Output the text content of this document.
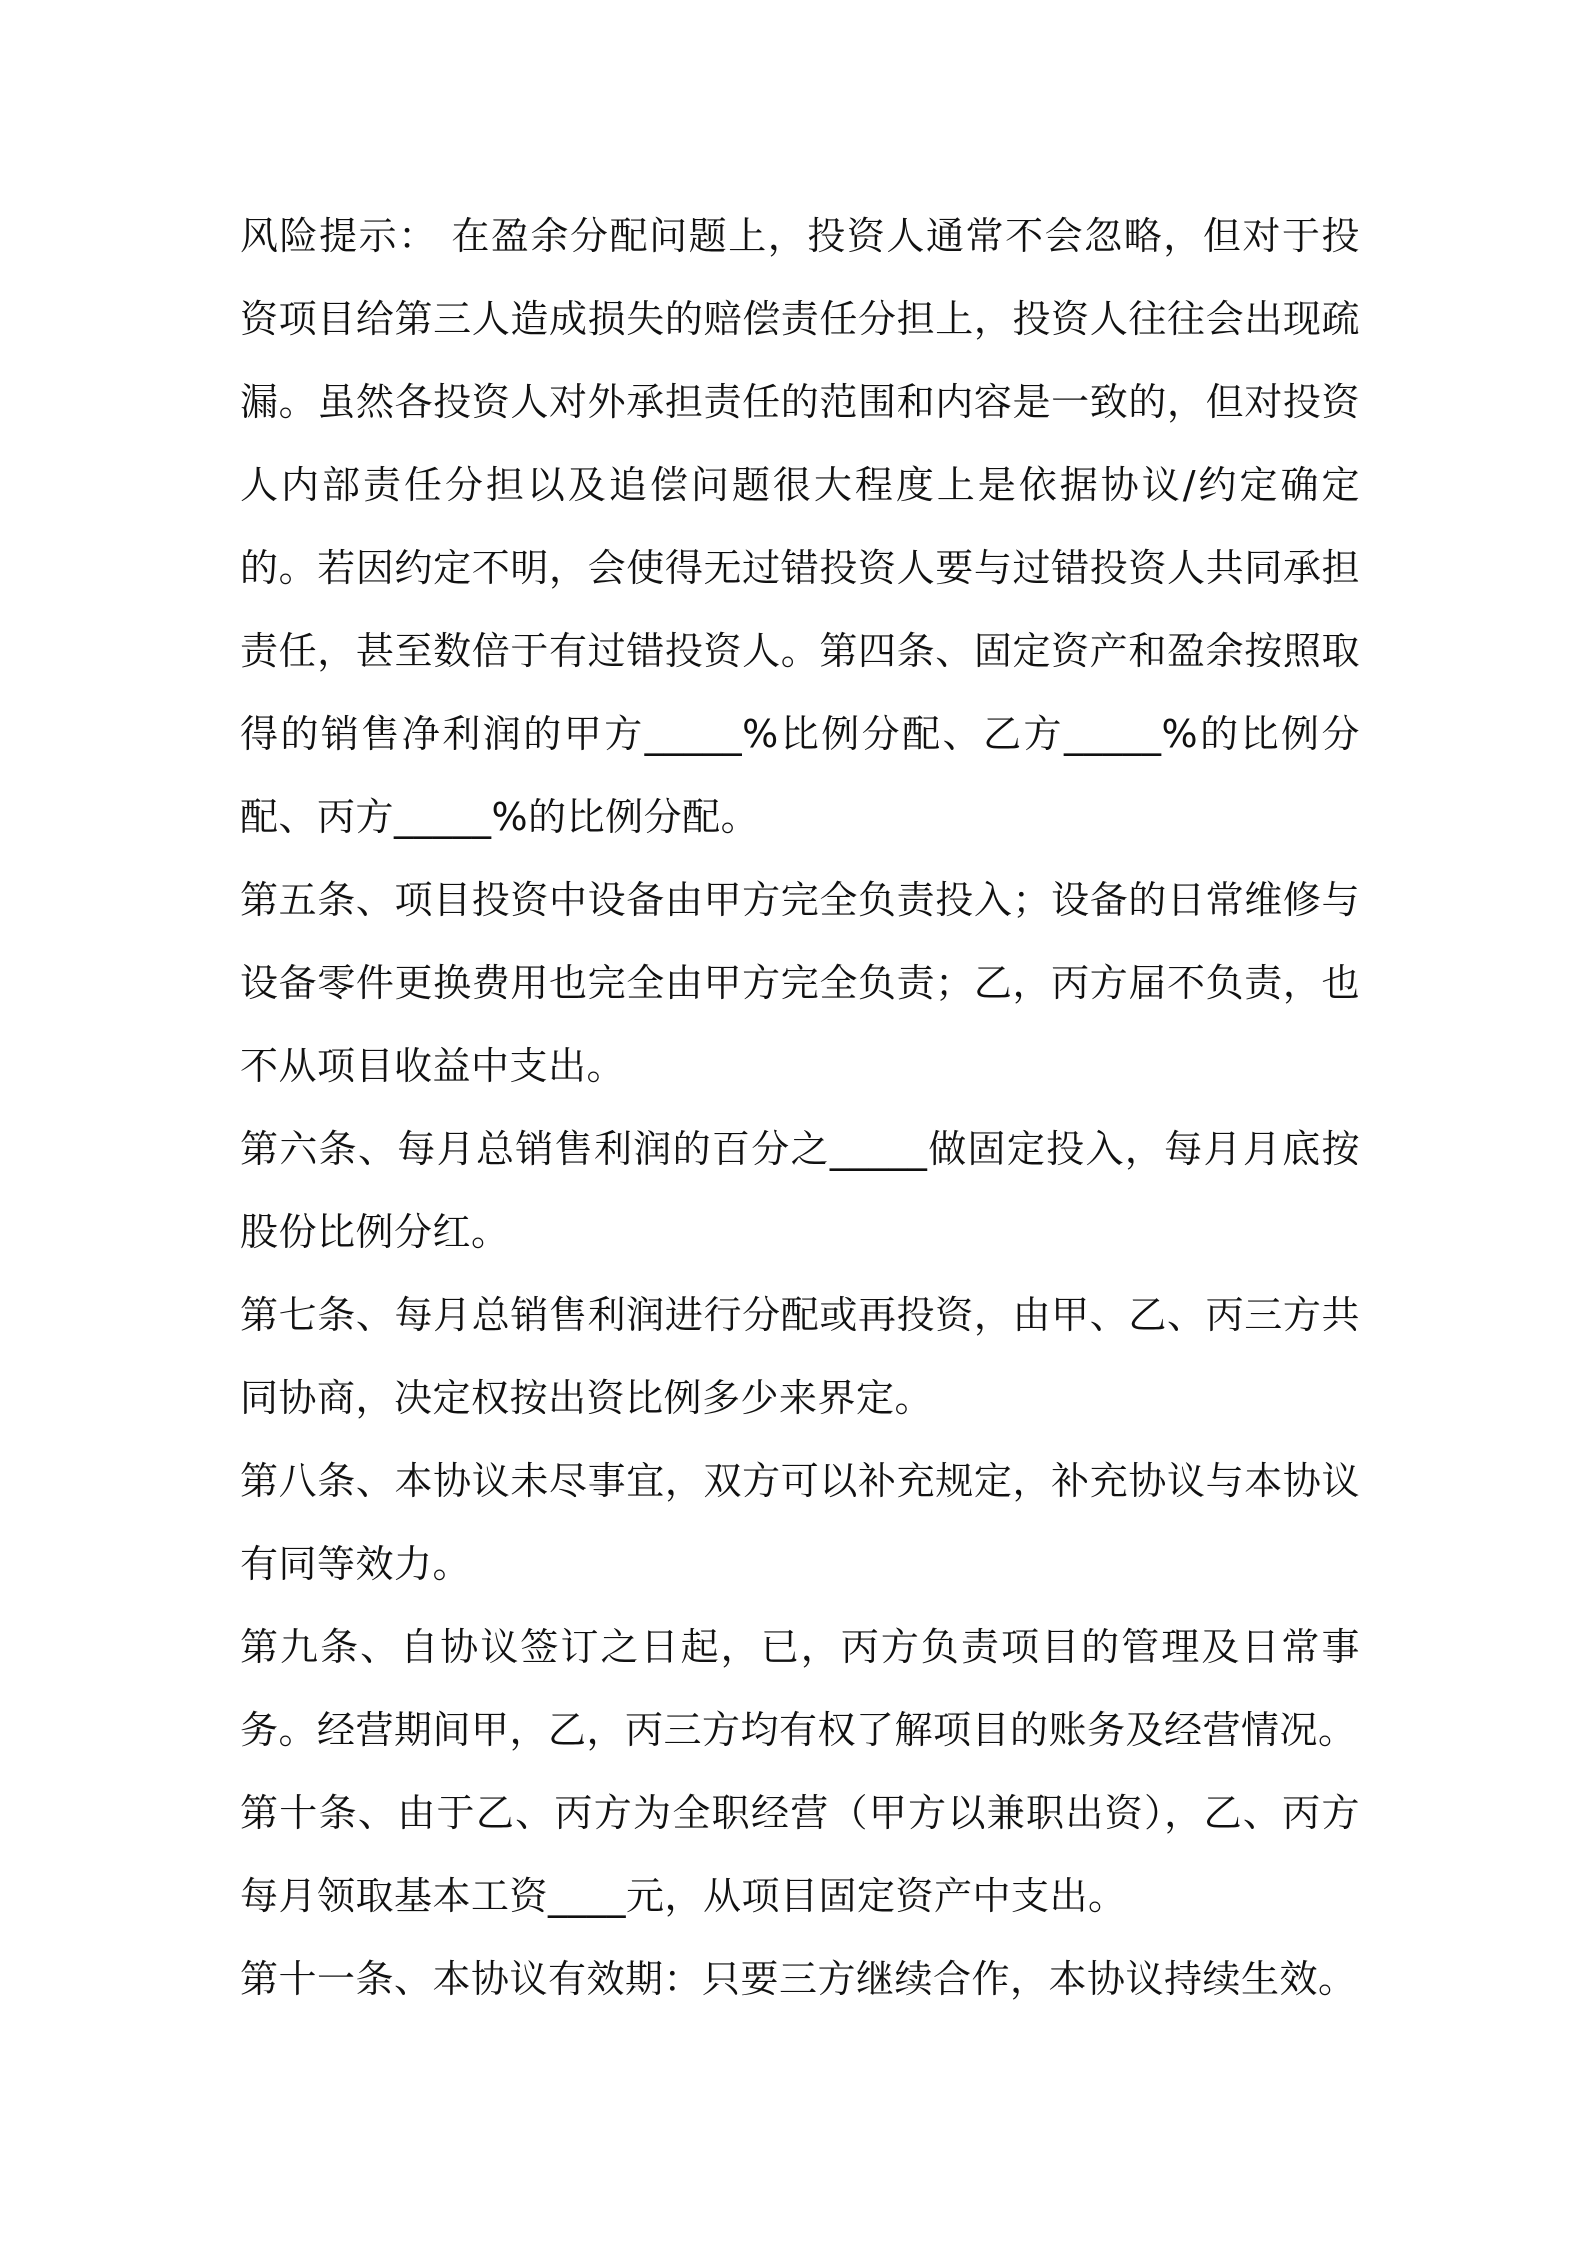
风险提示： 在盈余分配问题上，投资人通常不会忽略，但对于投资项目给第三人造成损失的赔偿责任分担上，投资人往往会出现疏漏。虽然各投资人对外承担责任的范围和内容是一致的，但对投资人内部责任分担以及追偿问题很大程度上是依据协议/约定确定的。若因约定不明，会使得无过错投资人要与过错投资人共同承担责任，甚至数倍于有过错投资人。第四条、固定资产和盈余按照取得的销售净利润的甲方_____%比例分配、乙方_____%的比例分配、丙方_____%的比例分配。

第五条、项目投资中设备由甲方完全负责投入；设备的日常维修与设备零件更换费用也完全由甲方完全负责；乙，丙方届不负责，也不从项目收益中支出。

第六条、每月总销售利润的百分之_____做固定投入，每月月底按股份比例分红。

第七条、每月总销售利润进行分配或再投资，由甲、乙、丙三方共同协商，决定权按出资比例多少来界定。

第八条、本协议未尽事宜，双方可以补充规定，补充协议与本协议有同等效力。

第九条、自协议签订之日起，已，丙方负责项目的管理及日常事务。经营期间甲，乙，丙三方均有权了解项目的账务及经营情况。

第十条、由于乙、丙方为全职经营（甲方以兼职出资），乙、丙方每月领取基本工资____元，从项目固定资产中支出。

第十一条、本协议有效期：只要三方继续合作，本协议持续生效。
